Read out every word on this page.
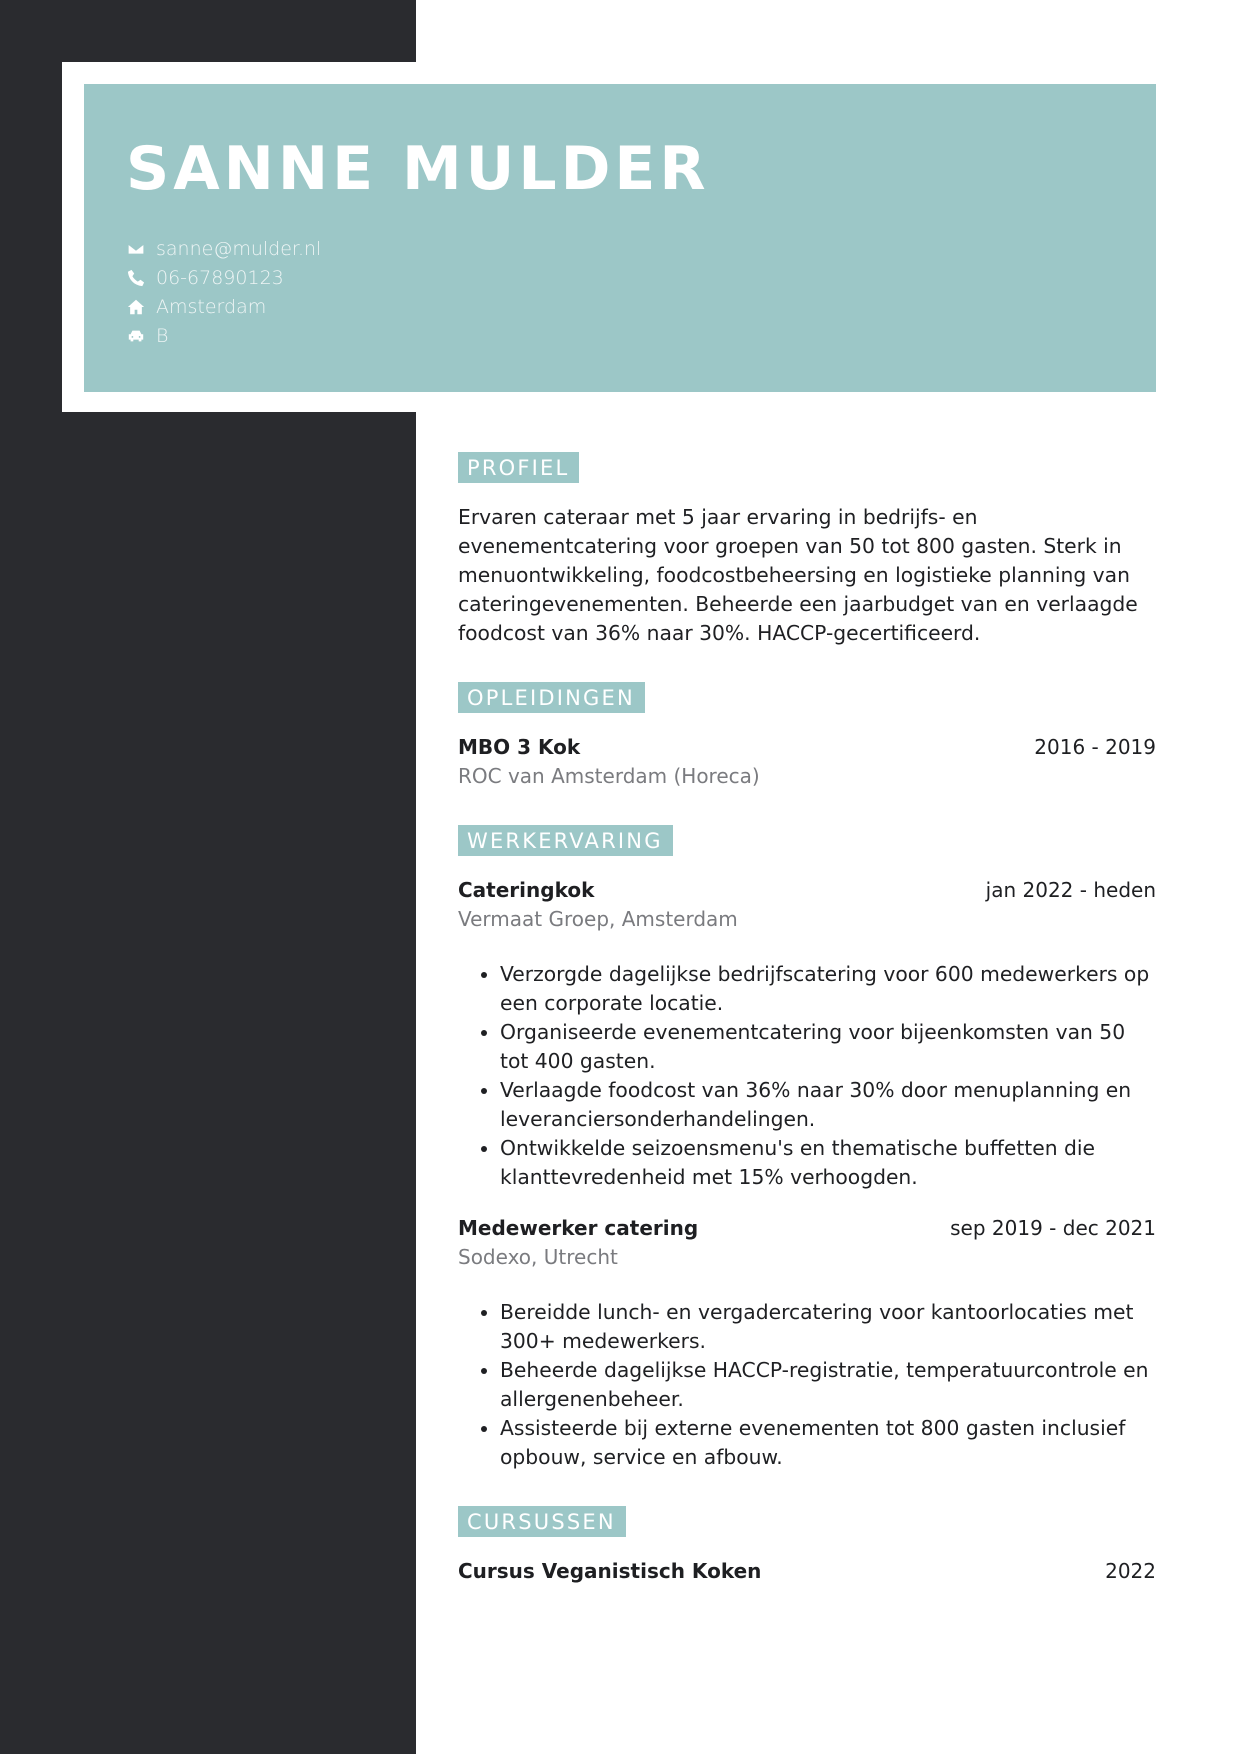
SANNE MULDER
sanne@mulder.nl
06-67890123
Amsterdam
B
PROFIEL

Ervaren cateraar met 5 jaar ervaring in bedrijfs- en evenementcatering voor groepen van 50 tot 800 gasten. Sterk in menuontwikkeling, foodcostbeheersing en logistieke planning van cateringevenementen. Beheerde een jaarbudget van en verlaagde foodcost van 36% naar 30%. HACCP-gecertificeerd.

OPLEIDINGEN
MBO 3 Kok	2016 - 2019
ROC van Amsterdam (Horeca)
WERKERVARING
Cateringkok	jan 2022 - heden
Vermaat Groep, Amsterdam
• Verzorgde dagelijkse bedrijfscatering voor 600 medewerkers op een corporate locatie.
• Organiseerde evenementcatering voor bijeenkomsten van 50 tot 400 gasten.
• Verlaagde foodcost van 36% naar 30% door menuplanning en leveranciersonderhandelingen.
• Ontwikkelde seizoensmenu's en thematische buffetten die klanttevredenheid met 15% verhoogden.
Medewerker catering	sep 2019 - dec 2021
Sodexo, Utrecht
• Bereidde lunch- en vergadercatering voor kantoorlocaties met 300+ medewerkers.
• Beheerde dagelijkse HACCP-registratie, temperatuurcontrole en allergenenbeheer.
• Assisteerde bij externe evenementen tot 800 gasten inclusief opbouw, service en afbouw.
CURSUSSEN
Cursus Veganistisch Koken	2022
